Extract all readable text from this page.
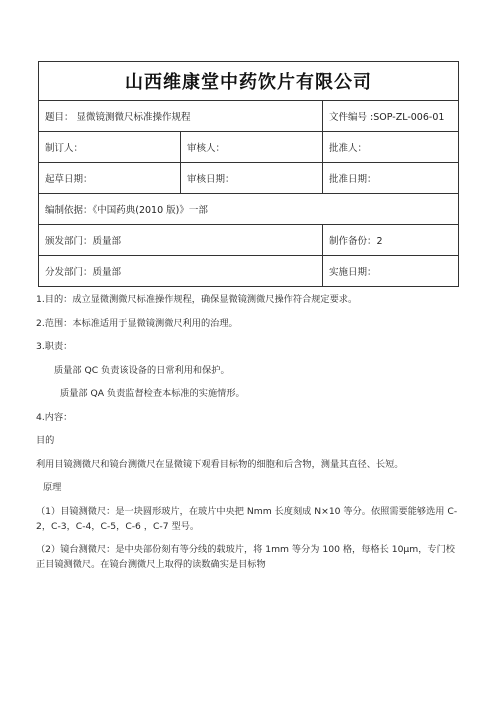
山西维康堂中药饮片有限公司		
题目： 显微镜测微尺标准操作规程		文件编号 :SOP-ZL-006-01
制订人：	审核人：	批准人：
起草日期：	审核日期：	批准日期：
编制依据：《中国药典(2010 版)》一部		
颁发部门：质量部		制作备份：2
分发部门：质量部		实施日期：

1.目的：成立显微测微尺标准操作规程，确保显微镜测微尺操作符合规定要求。

2.范围：本标准适用于显微镜测微尺利用的治理。

3.职责：

质量部 QC 负责该设备的日常利用和保护。

质量部 QA 负责监督检查本标准的实施情形。

4.内容：

目的

利用目镜测微尺和镜台测微尺在显微镜下观看目标物的细胞和后含物，测量其直径、长短。

原理

（1）目镜测微尺：是一块圆形玻片，在玻片中央把 Nmm 长度刻成 N×10 等分。依照需要能够选用 C-2，C-3，C-4，C-5，C-6 ，C-7 型号。

（2）镜台测微尺：是中央部份刻有等分线的载玻片，将 1mm 等分为 100 格，每格长 10μm，专门校正目镜测微尺。在镜台测微尺上取得的读数确实是目标物
